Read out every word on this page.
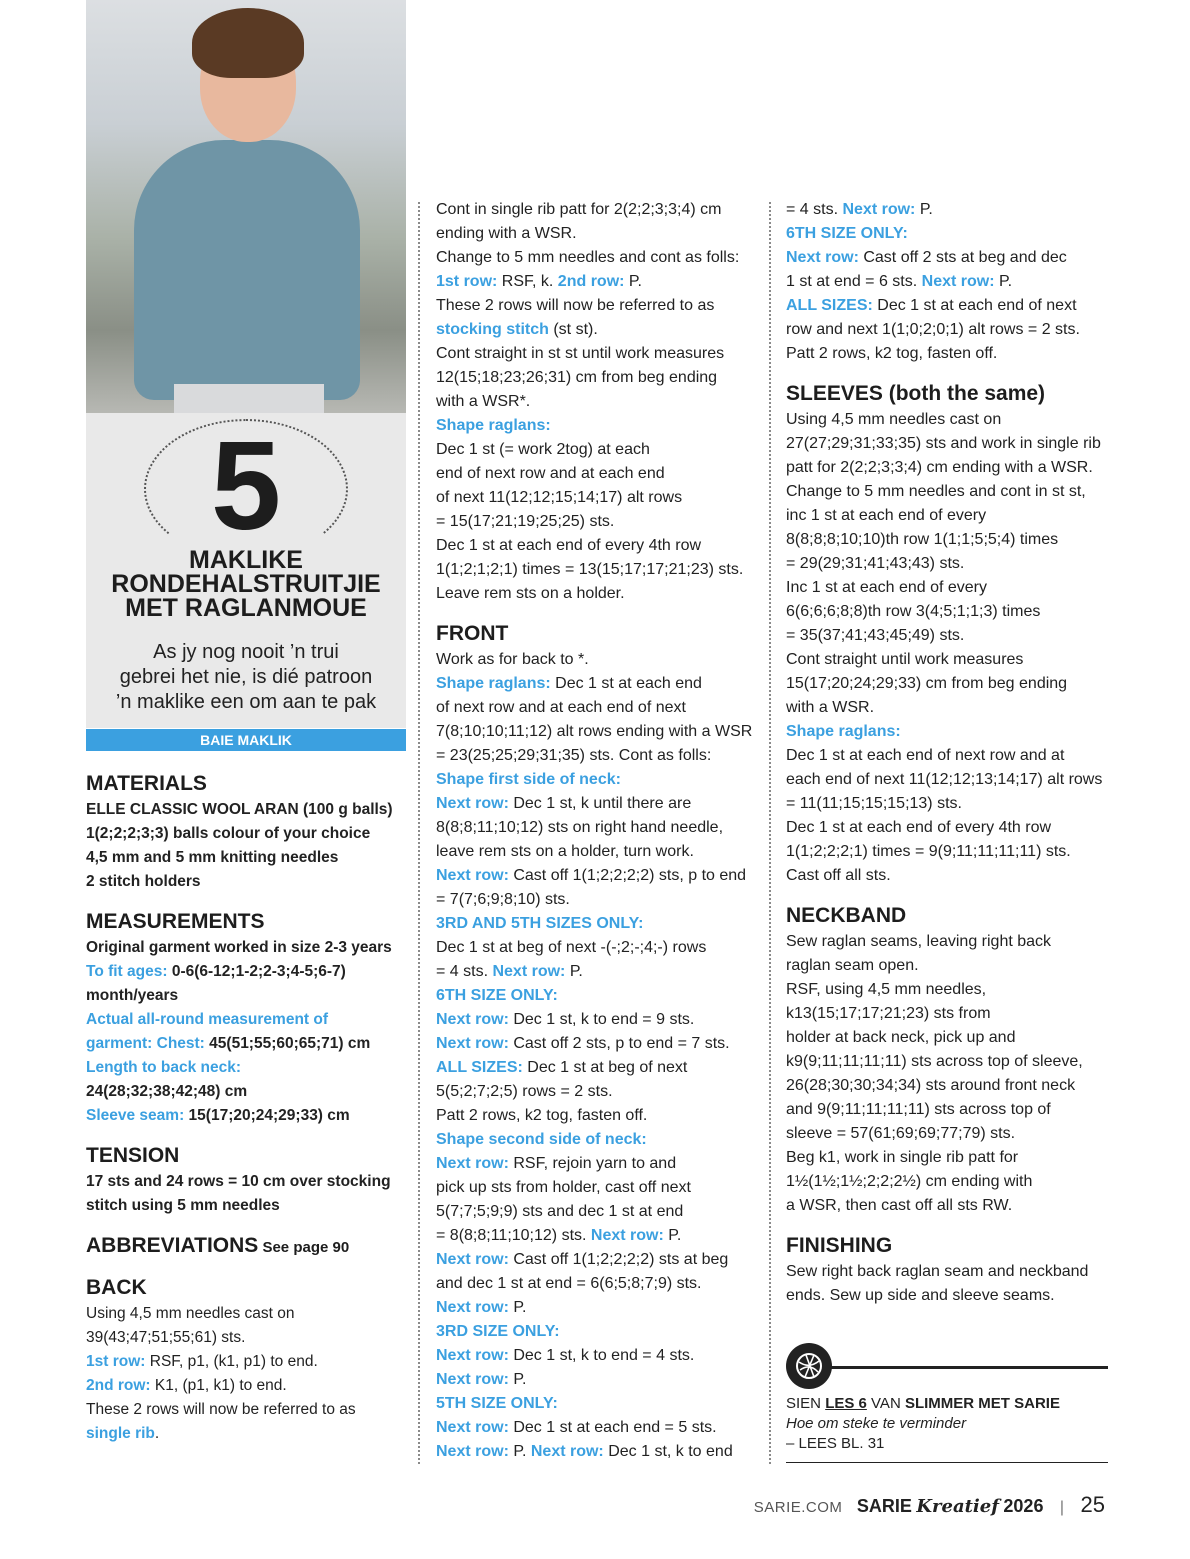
5
MAKLIKE
RONDEHALSTRUITJIE
MET RAGLANMOUE
As jy nog nooit ’n trui
gebrei het nie, is dié patroon
’n maklike een om aan te pak
BAIE MAKLIK
MATERIALS
ELLE CLASSIC WOOL ARAN (100 g balls)
1(2;2;2;3;3) balls colour of your choice
4,5 mm and 5 mm knitting needles
2 stitch holders
MEASUREMENTS
Original garment worked in size 2-3 years
To fit ages: 0-6(6-12;1-2;2-3;4-5;6-7)
month/years
Actual all-round measurement of
garment: Chest: 45(51;55;60;65;71) cm
Length to back neck:
24(28;32;38;42;48) cm
Sleeve seam: 15(17;20;24;29;33) cm
TENSION
17 sts and 24 rows = 10 cm over stocking
stitch using 5 mm needles
ABBREVIATIONS See page 90
BACK
Using 4,5 mm needles cast on
39(43;47;51;55;61) sts.
1st row: RSF, p1, (k1, p1) to end.
2nd row: K1, (p1, k1) to end.
These 2 rows will now be referred to as
single rib.
Cont in single rib patt for 2(2;2;3;3;4) cm
ending with a WSR.
Change to 5 mm needles and cont as folls:
1st row: RSF, k. 2nd row: P.
These 2 rows will now be referred to as
stocking stitch (st st).
Cont straight in st st until work measures
12(15;18;23;26;31) cm from beg ending
with a WSR*.
Shape raglans:
Dec 1 st (= work 2tog) at each
end of next row and at each end
of next 11(12;12;15;14;17) alt rows
= 15(17;21;19;25;25) sts.
Dec 1 st at each end of every 4th row
1(1;2;1;2;1) times = 13(15;17;17;21;23) sts.
Leave rem sts on a holder.
FRONT
Work as for back to *.
Shape raglans: Dec 1 st at each end
of next row and at each end of next
7(8;10;10;11;12) alt rows ending with a WSR
= 23(25;25;29;31;35) sts. Cont as folls:
Shape first side of neck:
Next row: Dec 1 st, k until there are
8(8;8;11;10;12) sts on right hand needle,
leave rem sts on a holder, turn work.
Next row: Cast off 1(1;2;2;2;2) sts, p to end
= 7(7;6;9;8;10) sts.
3RD AND 5TH SIZES ONLY:
Dec 1 st at beg of next -(-;2;-;4;-) rows
= 4 sts. Next row: P.
6TH SIZE ONLY:
Next row: Dec 1 st, k to end = 9 sts.
Next row: Cast off 2 sts, p to end = 7 sts.
ALL SIZES: Dec 1 st at beg of next
5(5;2;7;2;5) rows = 2 sts.
Patt 2 rows, k2 tog, fasten off.
Shape second side of neck:
Next row: RSF, rejoin yarn to and
pick up sts from holder, cast off next
5(7;7;5;9;9) sts and dec 1 st at end
= 8(8;8;11;10;12) sts. Next row: P.
Next row: Cast off 1(1;2;2;2;2) sts at beg
and dec 1 st at end = 6(6;5;8;7;9) sts.
Next row: P.
3RD SIZE ONLY:
Next row: Dec 1 st, k to end = 4 sts.
Next row: P.
5TH SIZE ONLY:
Next row: Dec 1 st at each end = 5 sts.
Next row: P. Next row: Dec 1 st, k to end
= 4 sts. Next row: P.
6TH SIZE ONLY:
Next row: Cast off 2 sts at beg and dec
1 st at end = 6 sts. Next row: P.
ALL SIZES: Dec 1 st at each end of next
row and next 1(1;0;2;0;1) alt rows = 2 sts.
Patt 2 rows, k2 tog, fasten off.
SLEEVES (both the same)
Using 4,5 mm needles cast on
27(27;29;31;33;35) sts and work in single rib
patt for 2(2;2;3;3;4) cm ending with a WSR.
Change to 5 mm needles and cont in st st,
inc 1 st at each end of every
8(8;8;8;10;10)th row 1(1;1;5;5;4) times
= 29(29;31;41;43;43) sts.
Inc 1 st at each end of every
6(6;6;6;8;8)th row 3(4;5;1;1;3) times
= 35(37;41;43;45;49) sts.
Cont straight until work measures
15(17;20;24;29;33) cm from beg ending
with a WSR.
Shape raglans:
Dec 1 st at each end of next row and at
each end of next 11(12;12;13;14;17) alt rows
= 11(11;15;15;15;13) sts.
Dec 1 st at each end of every 4th row
1(1;2;2;2;1) times = 9(9;11;11;11;11) sts.
Cast off all sts.
NECKBAND
Sew raglan seams, leaving right back
raglan seam open.
RSF, using 4,5 mm needles,
k13(15;17;17;21;23) sts from
holder at back neck, pick up and
k9(9;11;11;11;11) sts across top of sleeve,
26(28;30;30;34;34) sts around front neck
and 9(9;11;11;11;11) sts across top of
sleeve = 57(61;69;69;77;79) sts.
Beg k1, work in single rib patt for
1½(1½;1½;2;2;2½) cm ending with
a WSR, then cast off all sts RW.
FINISHING
Sew right back raglan seam and neckband
ends. Sew up side and sleeve seams.
SIEN LES 6 VAN SLIMMER MET SARIE
Hoe om steke te verminder
– LEES BL. 31
SARIE.COM SARIE Kreatief 2026 | 25
